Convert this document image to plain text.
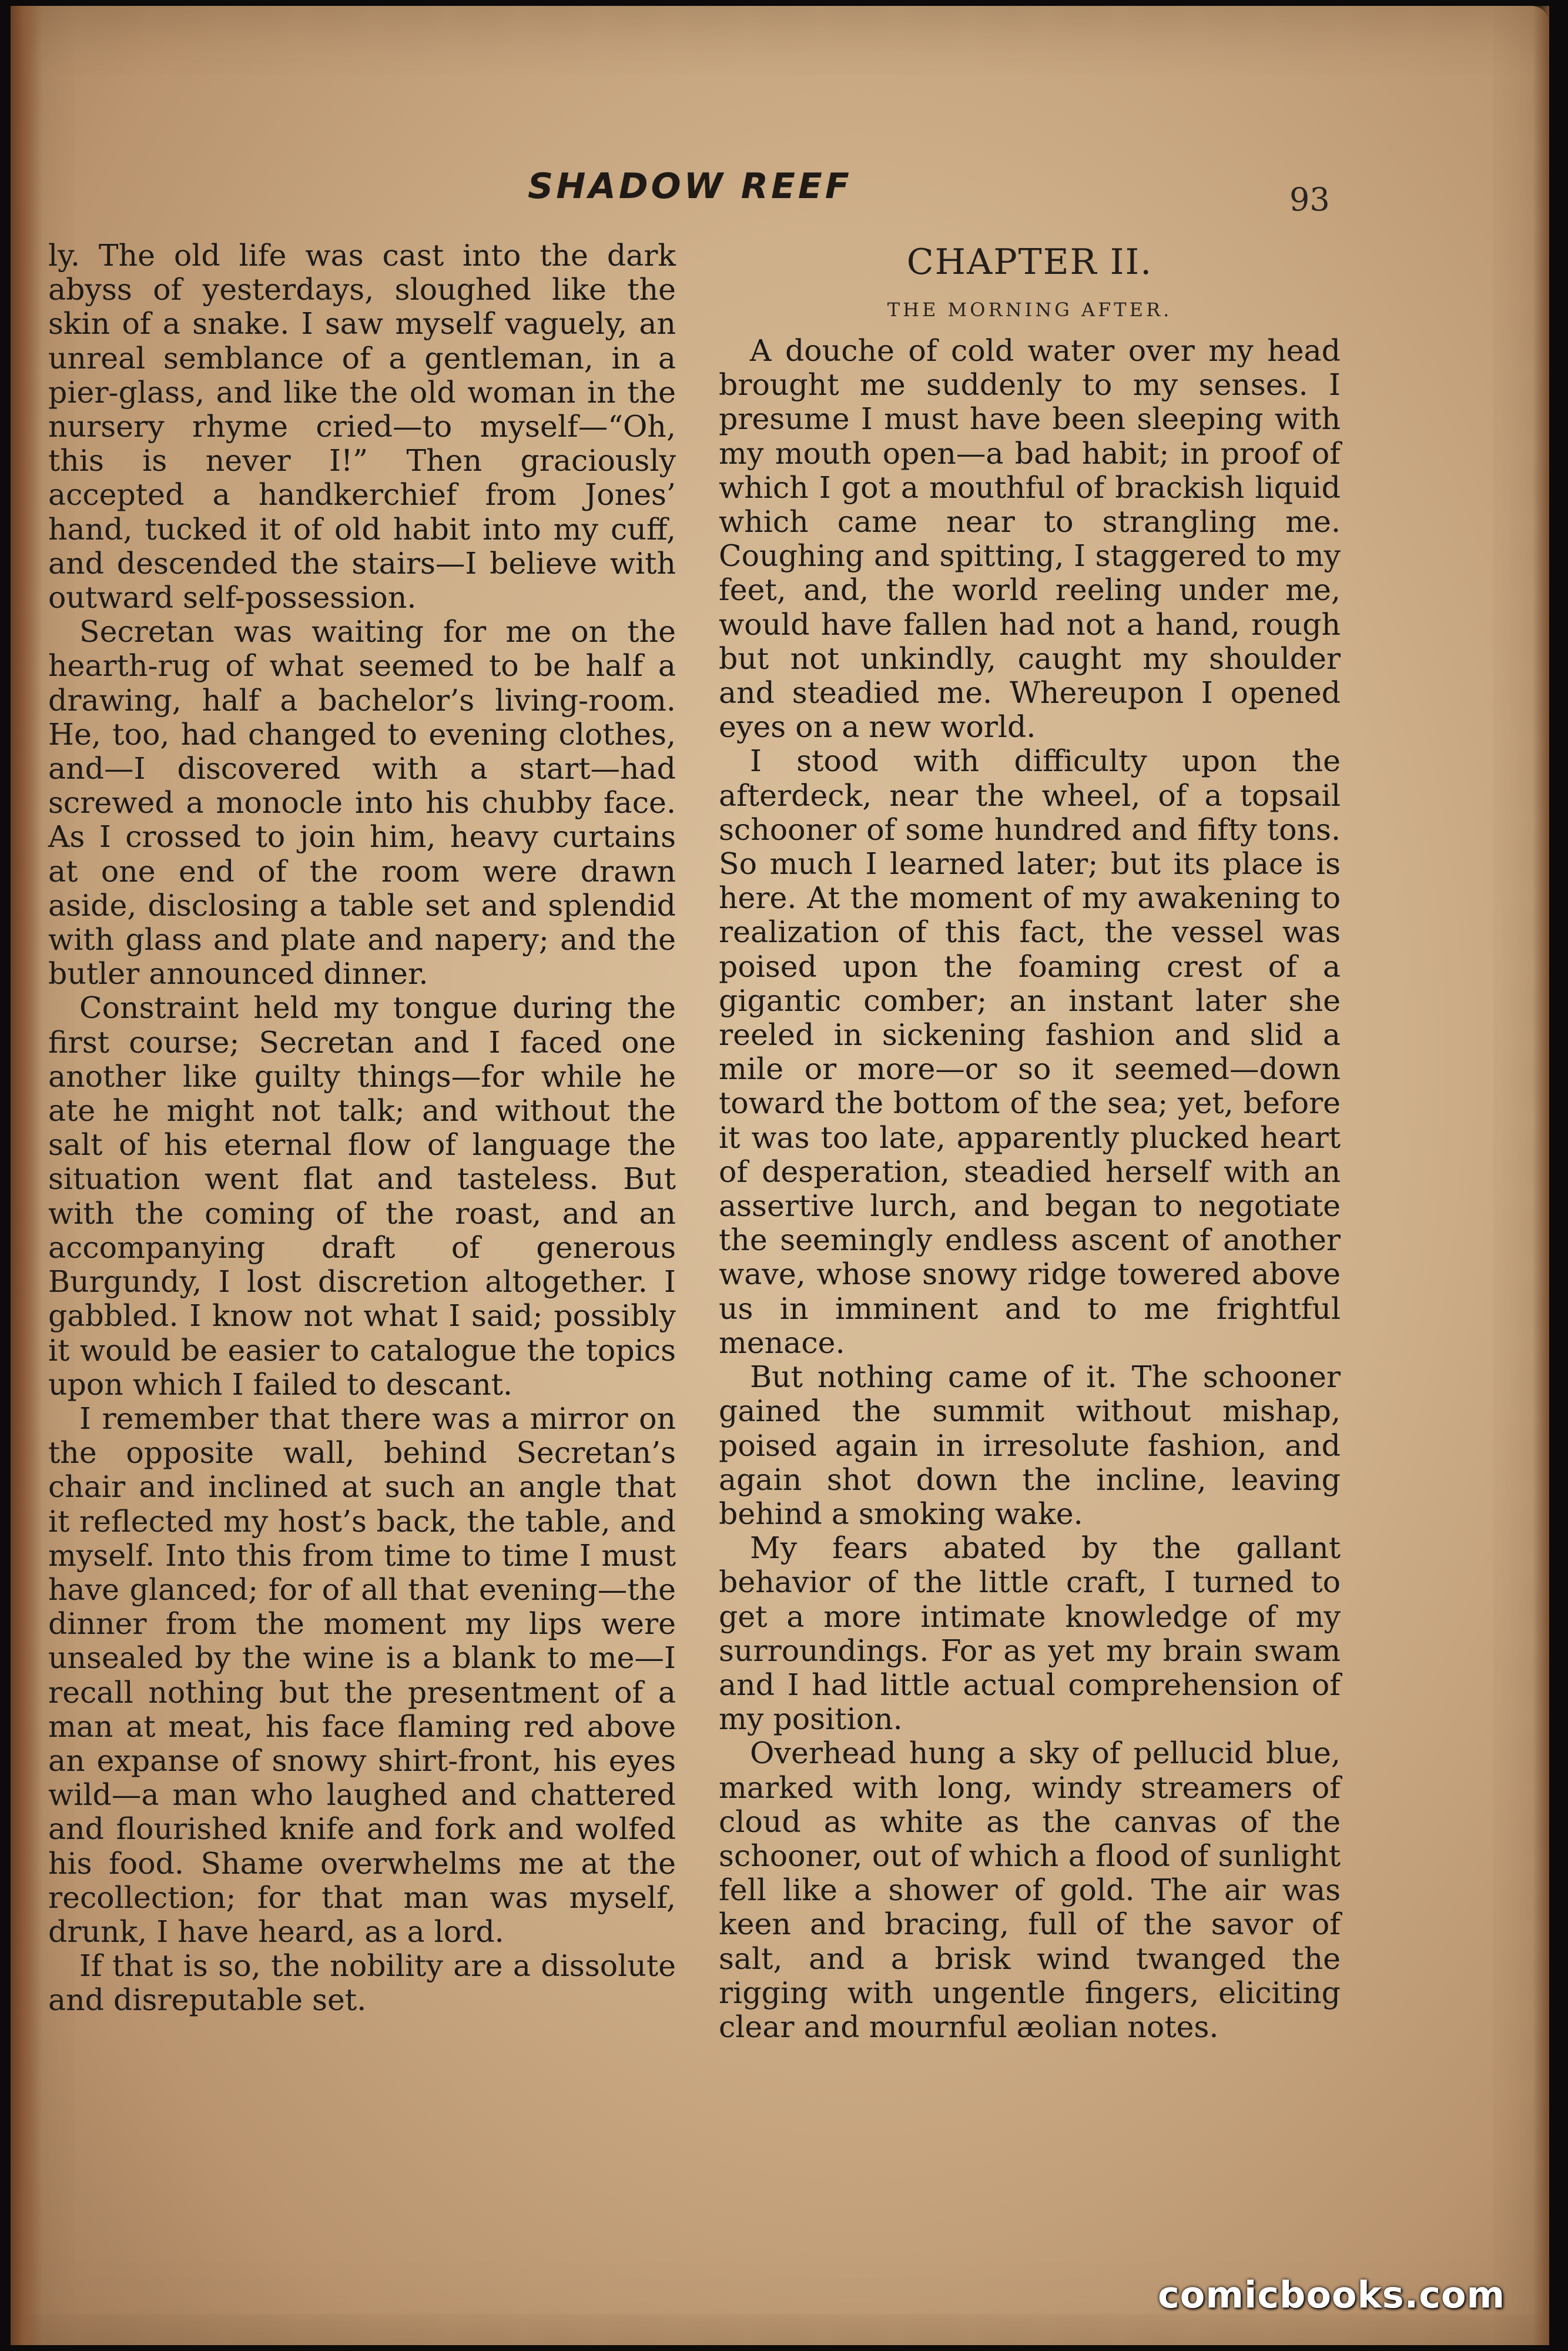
SHADOW REEF	93

ly. The old life was cast into the dark abyss of yesterdays, sloughed like the skin of a snake. I saw myself vaguely, an unreal semblance of a gentleman, in a pier-glass, and like the old woman in the nursery rhyme cried—to myself—“Oh, this is never I!” Then graciously accepted a handkerchief from Jones’ hand, tucked it of old habit into my cuff, and descended the stairs—I believe with outward self-possession.

Secretan was waiting for me on the hearth-rug of what seemed to be half a drawing, half a bachelor’s living-room. He, too, had changed to evening clothes, and—I discovered with a start—had screwed a monocle into his chubby face. As I crossed to join him, heavy curtains at one end of the room were drawn aside, disclosing a table set and splendid with glass and plate and napery; and the butler announced dinner.

Constraint held my tongue during the first course; Secretan and I faced one another like guilty things—for while he ate he might not talk; and without the salt of his eternal flow of language the situation went flat and tasteless. But with the coming of the roast, and an accompanying draft of generous Burgundy, I lost discretion altogether. I gabbled. I know not what I said; possibly it would be easier to catalogue the topics upon which I failed to descant.

I remember that there was a mirror on the opposite wall, behind Secretan’s chair and inclined at such an angle that it reflected my host’s back, the table, and myself. Into this from time to time I must have glanced; for of all that evening—the dinner from the moment my lips were unsealed by the wine is a blank to me—I recall nothing but the presentment of a man at meat, his face flaming red above an expanse of snowy shirt-front, his eyes wild—a man who laughed and chattered and flourished knife and fork and wolfed his food. Shame overwhelms me at the recollection; for that man was myself, drunk, I have heard, as a lord.

If that is so, the nobility are a dissolute and disreputable set.

CHAPTER II.
THE MORNING AFTER.

A douche of cold water over my head brought me suddenly to my senses. I presume I must have been sleeping with my mouth open—a bad habit; in proof of which I got a mouthful of brackish liquid which came near to strangling me. Coughing and spitting, I staggered to my feet, and, the world reeling under me, would have fallen had not a hand, rough but not unkindly, caught my shoulder and steadied me. Whereupon I opened eyes on a new world.

I stood with difficulty upon the afterdeck, near the wheel, of a topsail schooner of some hundred and fifty tons. So much I learned later; but its place is here. At the moment of my awakening to realization of this fact, the vessel was poised upon the foaming crest of a gigantic comber; an instant later she reeled in sickening fashion and slid a mile or more—or so it seemed—down toward the bottom of the sea; yet, before it was too late, apparently plucked heart of desperation, steadied herself with an assertive lurch, and began to negotiate the seemingly endless ascent of another wave, whose snowy ridge towered above us in imminent and to me frightful menace.

But nothing came of it. The schooner gained the summit without mishap, poised again in irresolute fashion, and again shot down the incline, leaving behind a smoking wake.

My fears abated by the gallant behavior of the little craft, I turned to get a more intimate knowledge of my surroundings. For as yet my brain swam and I had little actual comprehension of my position.

Overhead hung a sky of pellucid blue, marked with long, windy streamers of cloud as white as the canvas of the schooner, out of which a flood of sunlight fell like a shower of gold. The air was keen and bracing, full of the savor of salt, and a brisk wind twanged the rigging with ungentle fingers, eliciting clear and mournful æolian notes.

comicbooks.com
